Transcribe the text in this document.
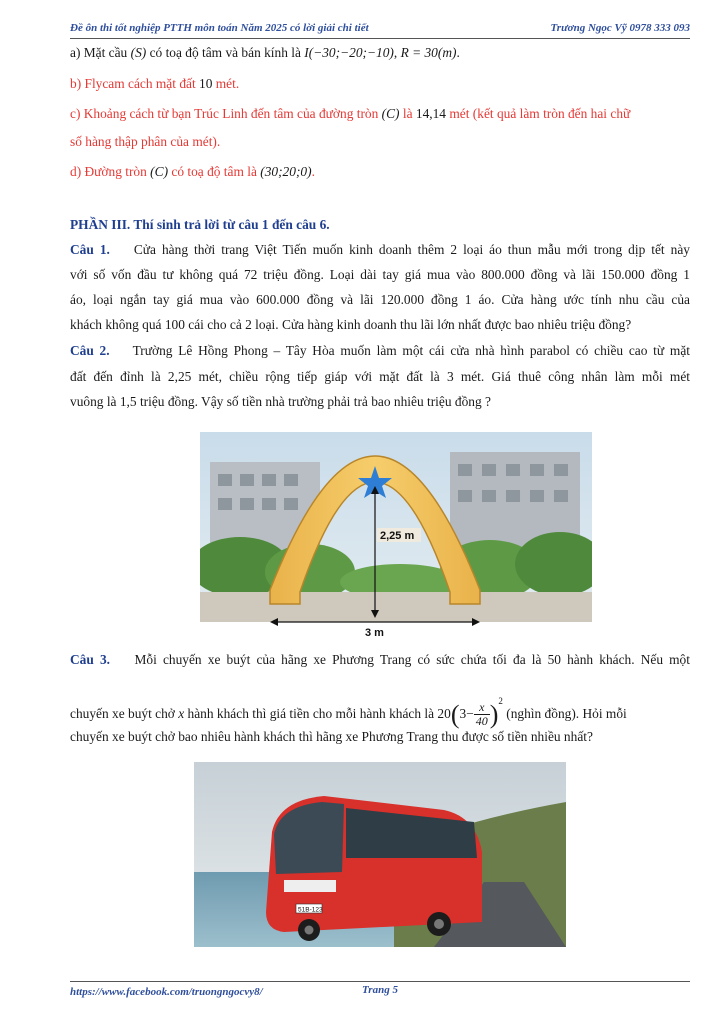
Đề ôn thi tốt nghiệp PTTH môn toán Năm 2025 có lời giải chi tiết	Trương Ngọc Vỹ 0978 333 093
a) Mặt cầu (S) có toạ độ tâm và bán kính là I(−30;−20;−10), R = 30(m).
b) Flycam cách mặt đất 10 mét.
c) Khoảng cách từ bạn Trúc Linh đến tâm của đường tròn (C) là 14,14 mét (kết quả làm tròn đến hai chữ
số hàng thập phân của mét).
d) Đường tròn (C) có toạ độ tâm là (30;20;0).
PHẦN III. Thí sinh trả lời từ câu 1 đến câu 6.
Câu 1. Cửa hàng thời trang Việt Tiến muốn kinh doanh thêm 2 loại áo thun mẫu mới trong dịp tết này
với số vốn đầu tư không quá 72 triệu đồng. Loại dài tay giá mua vào 800.000 đồng và lãi 150.000 đồng 1
áo, loại ngắn tay giá mua vào 600.000 đồng và lãi 120.000 đồng 1 áo. Cửa hàng ước tính nhu cầu của
khách không quá 100 cái cho cả 2 loại. Cửa hàng kinh doanh thu lãi lớn nhất được bao nhiêu triệu đồng?
Câu 2. Trường Lê Hồng Phong – Tây Hòa muốn làm một cái cửa nhà hình parabol có chiều cao từ mặt
đất đến đỉnh là 2,25 mét, chiều rộng tiếp giáp với mặt đất là 3 mét. Giá thuê công nhân làm mỗi mét
vuông là 1,5 triệu đồng. Vậy số tiền nhà trường phải trả bao nhiêu triệu đồng ?
2,25 m
3 m
Câu 3. Mỗi chuyến xe buýt của hãng xe Phương Trang có sức chứa tối đa là 50 hành khách. Nếu một
chuyến xe buýt chở x hành khách thì giá tiền cho mỗi hành khách là $20(3- \frac{x}{40} )^2$ (nghìn đồng). Hỏi mỗi
chuyến xe buýt chở bao nhiêu hành khách thì hãng xe Phương Trang thu được số tiền nhiều nhất?
51B-123
https://www.facebook.com/truongngocvy8/	Trang 5
